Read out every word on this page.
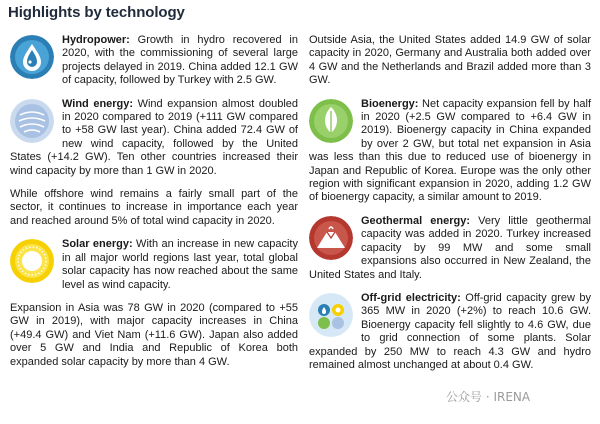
Highlights by technology

Hydropower: Growth in hydro recovered in 2020, with the commissioning of several large projects delayed in 2019. China added 12.1 GW of capacity, followed by Turkey with 2.5 GW.

Wind energy: Wind expansion almost doubled in 2020 compared to 2019 (+111 GW compared to +58 GW last year). China added 72.4 GW of new wind capacity, followed by the United States (+14.2 GW). Ten other countries increased their wind capacity by more than 1 GW in 2020.

While offshore wind remains a fairly small part of the sector, it continues to increase in importance each year and reached around 5% of total wind capacity in 2020.

Solar energy: With an increase in new capacity in all major world regions last year, total global solar capacity has now reached about the same level as wind capacity.

Expansion in Asia was 78 GW in 2020 (compared to +55 GW in 2019), with major capacity increases in China (+49.4 GW) and Viet Nam (+11.6 GW). Japan also added over 5 GW and India and Republic of Korea both expanded solar capacity by more than 4 GW.

Outside Asia, the United States added 14.9 GW of solar capacity in 2020, Germany and Australia both added over 4 GW and the Netherlands and Brazil added more than 3 GW.

Bioenergy: Net capacity expansion fell by half in 2020 (+2.5 GW compared to +6.4 GW in 2019). Bioenergy capacity in China expanded by over 2 GW, but total net expansion in Asia was less than this due to reduced use of bioenergy in Japan and Republic of Korea. Europe was the only other region with significant expansion in 2020, adding 1.2 GW of bioenergy capacity, a similar amount to 2019.

Geothermal energy: Very little geothermal capacity was added in 2020. Turkey increased capacity by 99 MW and some small expansions also occurred in New Zealand, the United States and Italy.

Off-grid electricity: Off-grid capacity grew by 365 MW in 2020 (+2%) to reach 10.6 GW. Bioenergy capacity fell slightly to 4.6 GW, due to grid connection of some plants. Solar expanded by 250 MW to reach 4.3 GW and hydro remained almost unchanged at about 0.4 GW.

公众号 · IRENA
